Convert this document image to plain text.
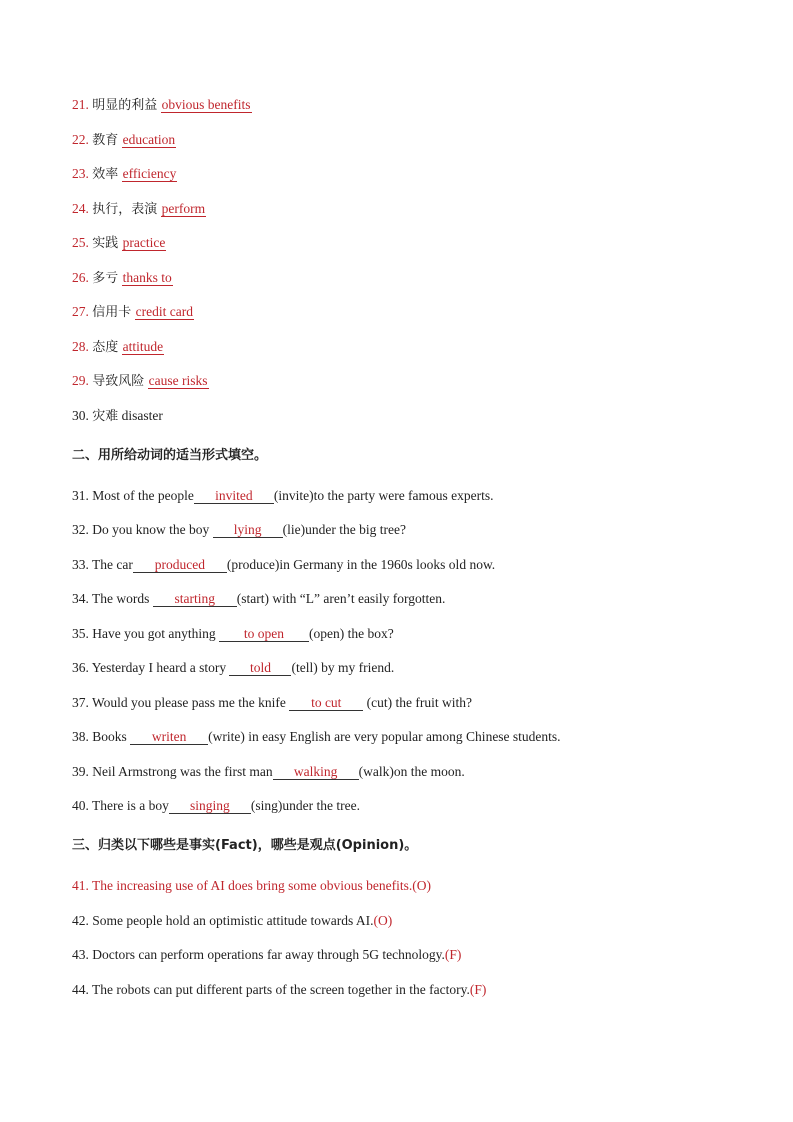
21. 明显的利益 obvious benefits
22. 教育 education
23. 效率 efficiency
24. 执行，表演 perform
25. 实践 practice
26. 多亏 thanks to
27. 信用卡 credit card
28. 态度 attitude
29. 导致风险 cause risks
30. 灾难 disaster
二、用所给动词的适当形式填空。
31. Most of the people invited (invite)to the party were famous experts.
32. Do you know the boy lying (lie)under the big tree?
33. The car produced (produce)in Germany in the 1960s looks old now.
34. The words starting (start) with “L” aren’t easily forgotten.
35. Have you got anything to open (open) the box?
36. Yesterday I heard a story told (tell) by my friend.
37. Would you please pass me the knife to cut (cut) the fruit with?
38. Books writen (write) in easy English are very popular among Chinese students.
39. Neil Armstrong was the first man walking (walk)on the moon.
40. There is a boy singing (sing)under the tree.
三、归类以下哪些是事实(Fact)，哪些是观点(Opinion)。
41. The increasing use of AI does bring some obvious benefits.(O)
42. Some people hold an optimistic attitude towards AI.(O)
43. Doctors can perform operations far away through 5G technology.(F)
44. The robots can put different parts of the screen together in the factory.(F)
